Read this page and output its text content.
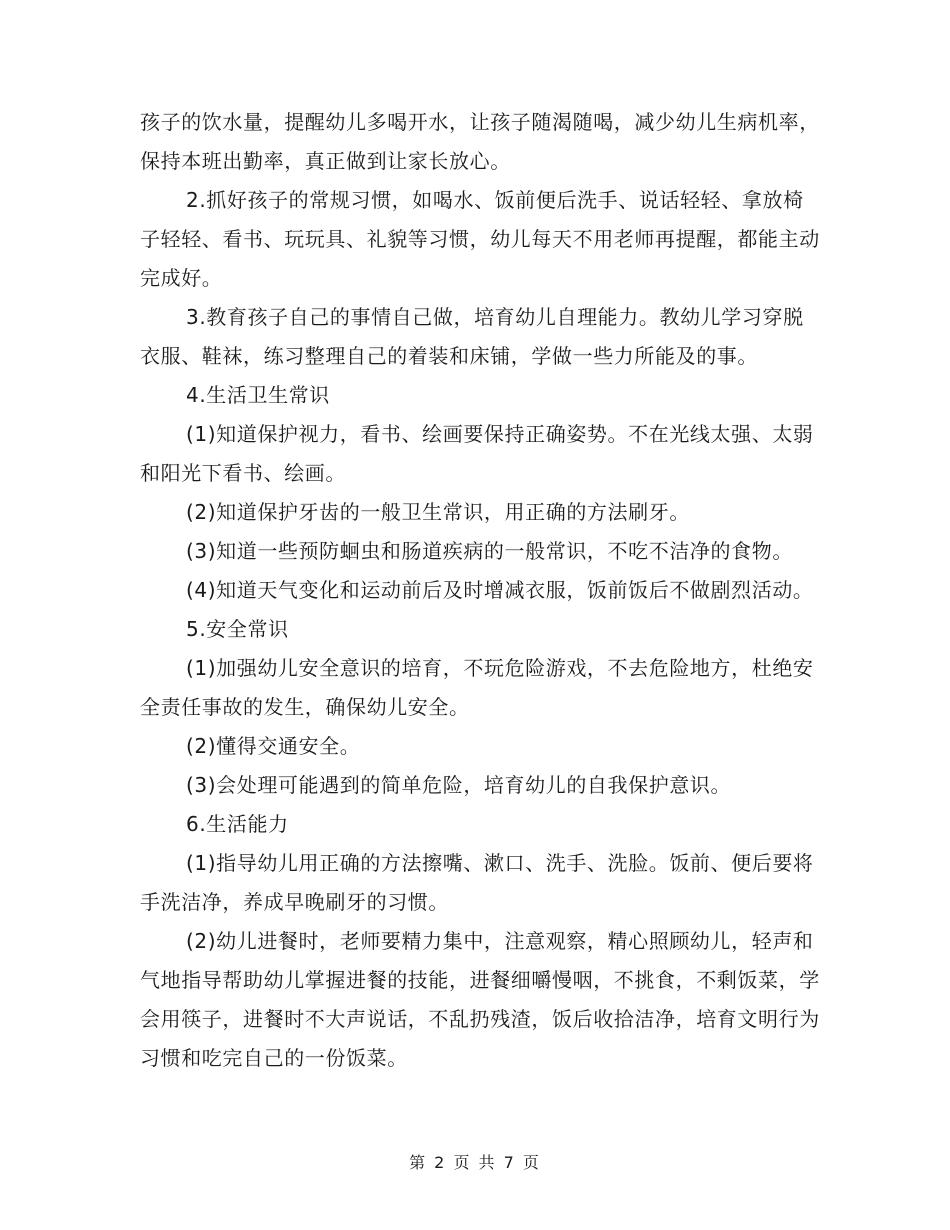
孩子的饮水量，提醒幼儿多喝开水，让孩子随渴随喝，减少幼儿生病机率，保持本班出勤率，真正做到让家长放心。

2.抓好孩子的常规习惯，如喝水、饭前便后洗手、说话轻轻、拿放椅子轻轻、看书、玩玩具、礼貌等习惯，幼儿每天不用老师再提醒，都能主动完成好。

3.教育孩子自己的事情自己做，培育幼儿自理能力。教幼儿学习穿脱衣服、鞋袜，练习整理自己的着装和床铺，学做一些力所能及的事。

4.生活卫生常识

(1)知道保护视力，看书、绘画要保持正确姿势。不在光线太强、太弱和阳光下看书、绘画。

(2)知道保护牙齿的一般卫生常识，用正确的方法刷牙。

(3)知道一些预防蛔虫和肠道疾病的一般常识，不吃不洁净的食物。

(4)知道天气变化和运动前后及时增减衣服，饭前饭后不做剧烈活动。

5.安全常识

(1)加强幼儿安全意识的培育，不玩危险游戏，不去危险地方，杜绝安全责任事故的发生，确保幼儿安全。

(2)懂得交通安全。

(3)会处理可能遇到的简单危险，培育幼儿的自我保护意识。

6.生活能力

(1)指导幼儿用正确的方法擦嘴、漱口、洗手、洗脸。饭前、便后要将手洗洁净，养成早晚刷牙的习惯。

(2)幼儿进餐时，老师要精力集中，注意观察，精心照顾幼儿，轻声和气地指导帮助幼儿掌握进餐的技能，进餐细嚼慢咽，不挑食，不剩饭菜，学会用筷子，进餐时不大声说话，不乱扔残渣，饭后收拾洁净，培育文明行为习惯和吃完自己的一份饭菜。

第 2 页 共 7 页
